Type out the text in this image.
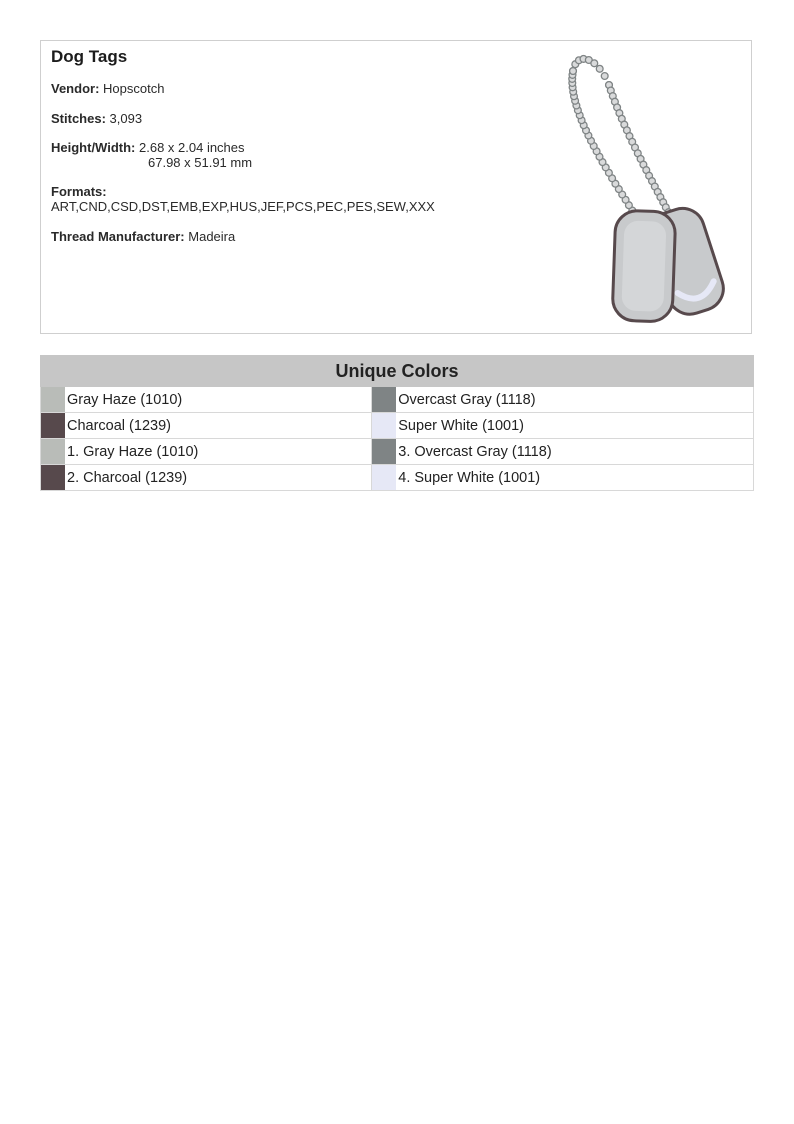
Dog Tags
Vendor: Hopscotch
Stitches: 3,093
Height/Width: 2.68 x 2.04 inches
67.98 x 51.91 mm
Formats:
ART,CND,CSD,DST,EMB,EXP,HUS,JEF,PCS,PEC,PES,SEW,XXX
Thread Manufacturer: Madeira
Unique Colors			
	Gray Haze (1010)		Overcast Gray (1118)
	Charcoal (1239)		Super White (1001)
	1. Gray Haze (1010)		3. Overcast Gray (1118)
	2. Charcoal (1239)		4. Super White (1001)
